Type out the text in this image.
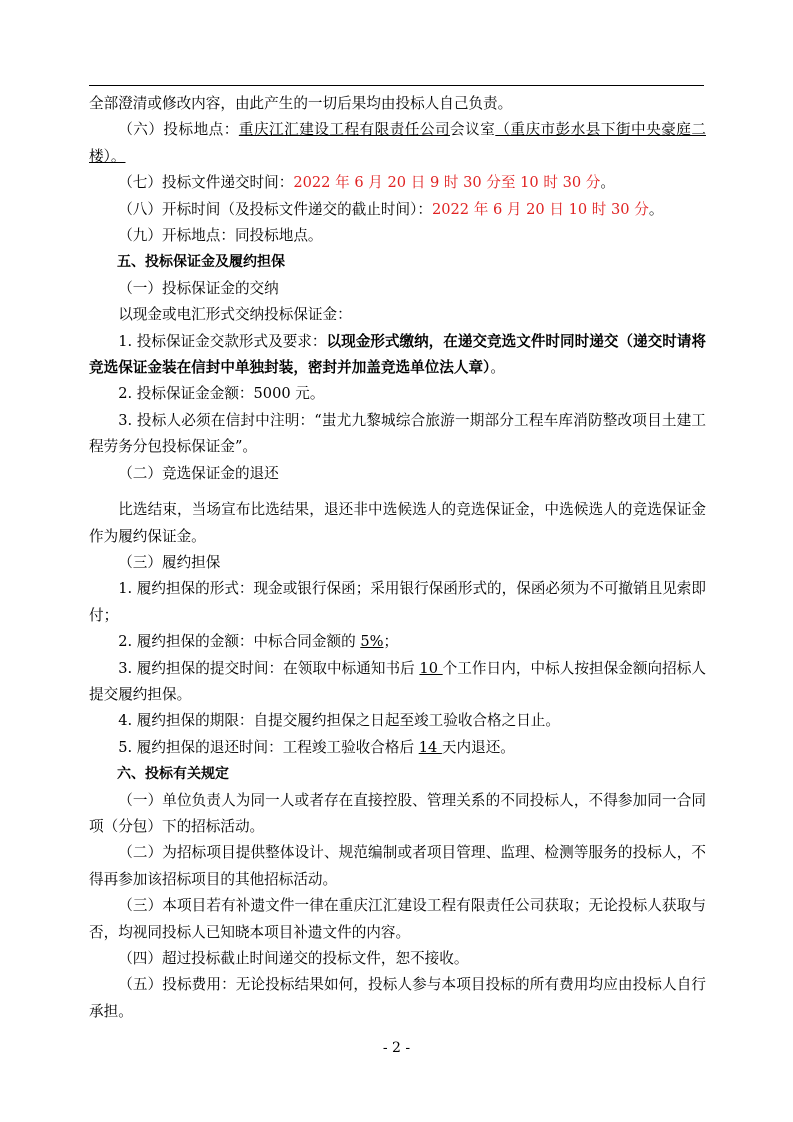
全部澄清或修改内容，由此产生的一切后果均由投标人自己负责。

（六）投标地点：重庆江汇建设工程有限责任公司会议室（重庆市彭水县下街中央豪庭二楼）。

（七）投标文件递交时间：2022 年 6 月 20 日 9 时 30 分至 10 时 30 分。

（八）开标时间（及投标文件递交的截止时间）：2022 年 6 月 20 日 10 时 30 分。

（九）开标地点：同投标地点。

五、投标保证金及履约担保

（一）投标保证金的交纳

以现金或电汇形式交纳投标保证金：

1. 投标保证金交款形式及要求：以现金形式缴纳，在递交竞选文件时同时递交（递交时请将竞选保证金装在信封中单独封装，密封并加盖竞选单位法人章）。

2. 投标保证金金额：5000 元。

3. 投标人必须在信封中注明：“蚩尤九黎城综合旅游一期部分工程车库消防整改项目土建工程劳务分包投标保证金”。

（二）竞选保证金的退还

比选结束，当场宣布比选结果，退还非中选候选人的竞选保证金，中选候选人的竞选保证金作为履约保证金。

（三）履约担保

1. 履约担保的形式：现金或银行保函；采用银行保函形式的，保函必须为不可撤销且见索即付；

2. 履约担保的金额：中标合同金额的 5%；

3. 履约担保的提交时间：在领取中标通知书后 10 个工作日内，中标人按担保金额向招标人提交履约担保。

4. 履约担保的期限：自提交履约担保之日起至竣工验收合格之日止。

5. 履约担保的退还时间：工程竣工验收合格后 14 天内退还。

六、投标有关规定

（一）单位负责人为同一人或者存在直接控股、管理关系的不同投标人，不得参加同一合同项（分包）下的招标活动。

（二）为招标项目提供整体设计、规范编制或者项目管理、监理、检测等服务的投标人，不得再参加该招标项目的其他招标活动。

（三）本项目若有补遗文件一律在重庆江汇建设工程有限责任公司获取；无论投标人获取与否，均视同投标人已知晓本项目补遗文件的内容。

（四）超过投标截止时间递交的投标文件，恕不接收。

（五）投标费用：无论投标结果如何，投标人参与本项目投标的所有费用均应由投标人自行承担。

- 2 -
